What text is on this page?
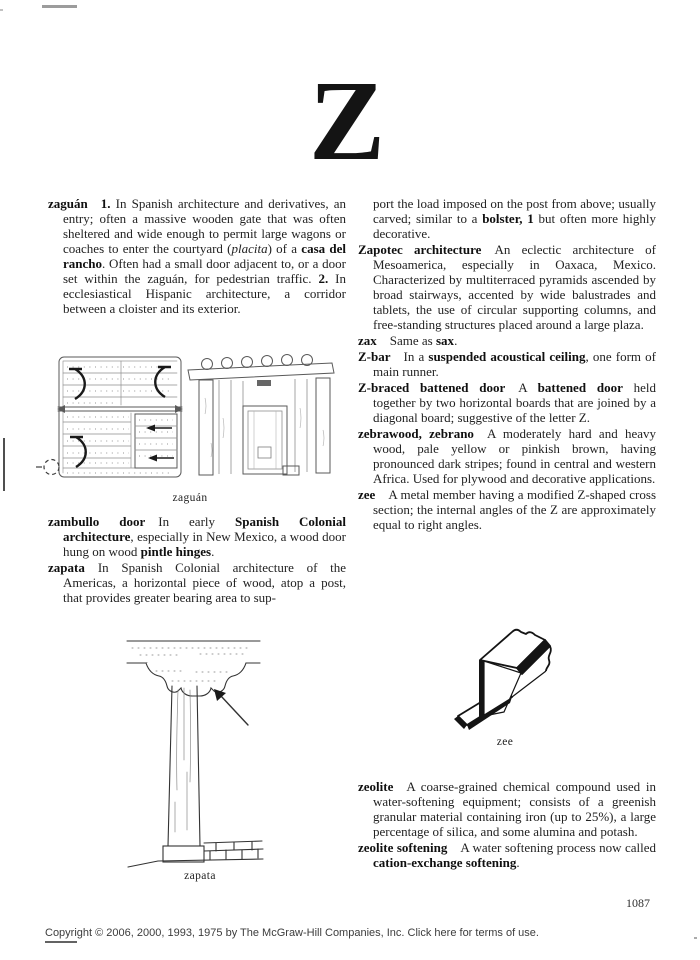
Z

zaguán  1. In Spanish architecture and derivatives, an entry; often a massive wooden gate that was often sheltered and wide enough to permit large wagons or coaches to enter the courtyard (placita) of a casa del rancho. Often had a small door adjacent to, or a door set within the zaguán, for pedestrian traffic. 2. In ecclesiastical Hispanic architecture, a corridor between a cloister and its exterior.

zaguán

zambullo door In early Spanish Colonial architecture, especially in New Mexico, a wood door hung on wood pintle hinges.

zapata In Spanish Colonial architecture of the Americas, a horizontal piece of wood, atop a post, that provides greater bearing area to sup-

zapata

port the load imposed on the post from above; usually carved; similar to a bolster, 1 but often more highly decorative.

Zapotec architecture An eclectic architecture of Mesoamerica, especially in Oaxaca, Mexico. Characterized by multiterraced pyramids ascended by broad stairways, accented by wide balustrades and tablets, the use of circular supporting columns, and free-standing structures placed around a large plaza.

zax Same as sax.

Z-bar In a suspended acoustical ceiling, one form of main runner.

Z-braced battened door A battened door held together by two horizontal boards that are joined by a diagonal board; suggestive of the letter Z.

zebrawood, zebrano A moderately hard and heavy wood, pale yellow or pinkish brown, having pronounced dark stripes; found in central and western Africa. Used for plywood and decorative applications.

zee A metal member having a modified Z-shaped cross section; the internal angles of the Z are approximately equal to right angles.

zee

zeolite A coarse-grained chemical compound used in water-softening equipment; consists of a greenish granular material containing iron (up to 25%), a large percentage of silica, and some alumina and potash.

zeolite softening A water softening process now called cation-exchange softening.

1087
Copyright © 2006, 2000, 1993, 1975 by The McGraw-Hill Companies, Inc. Click here for terms of use.
